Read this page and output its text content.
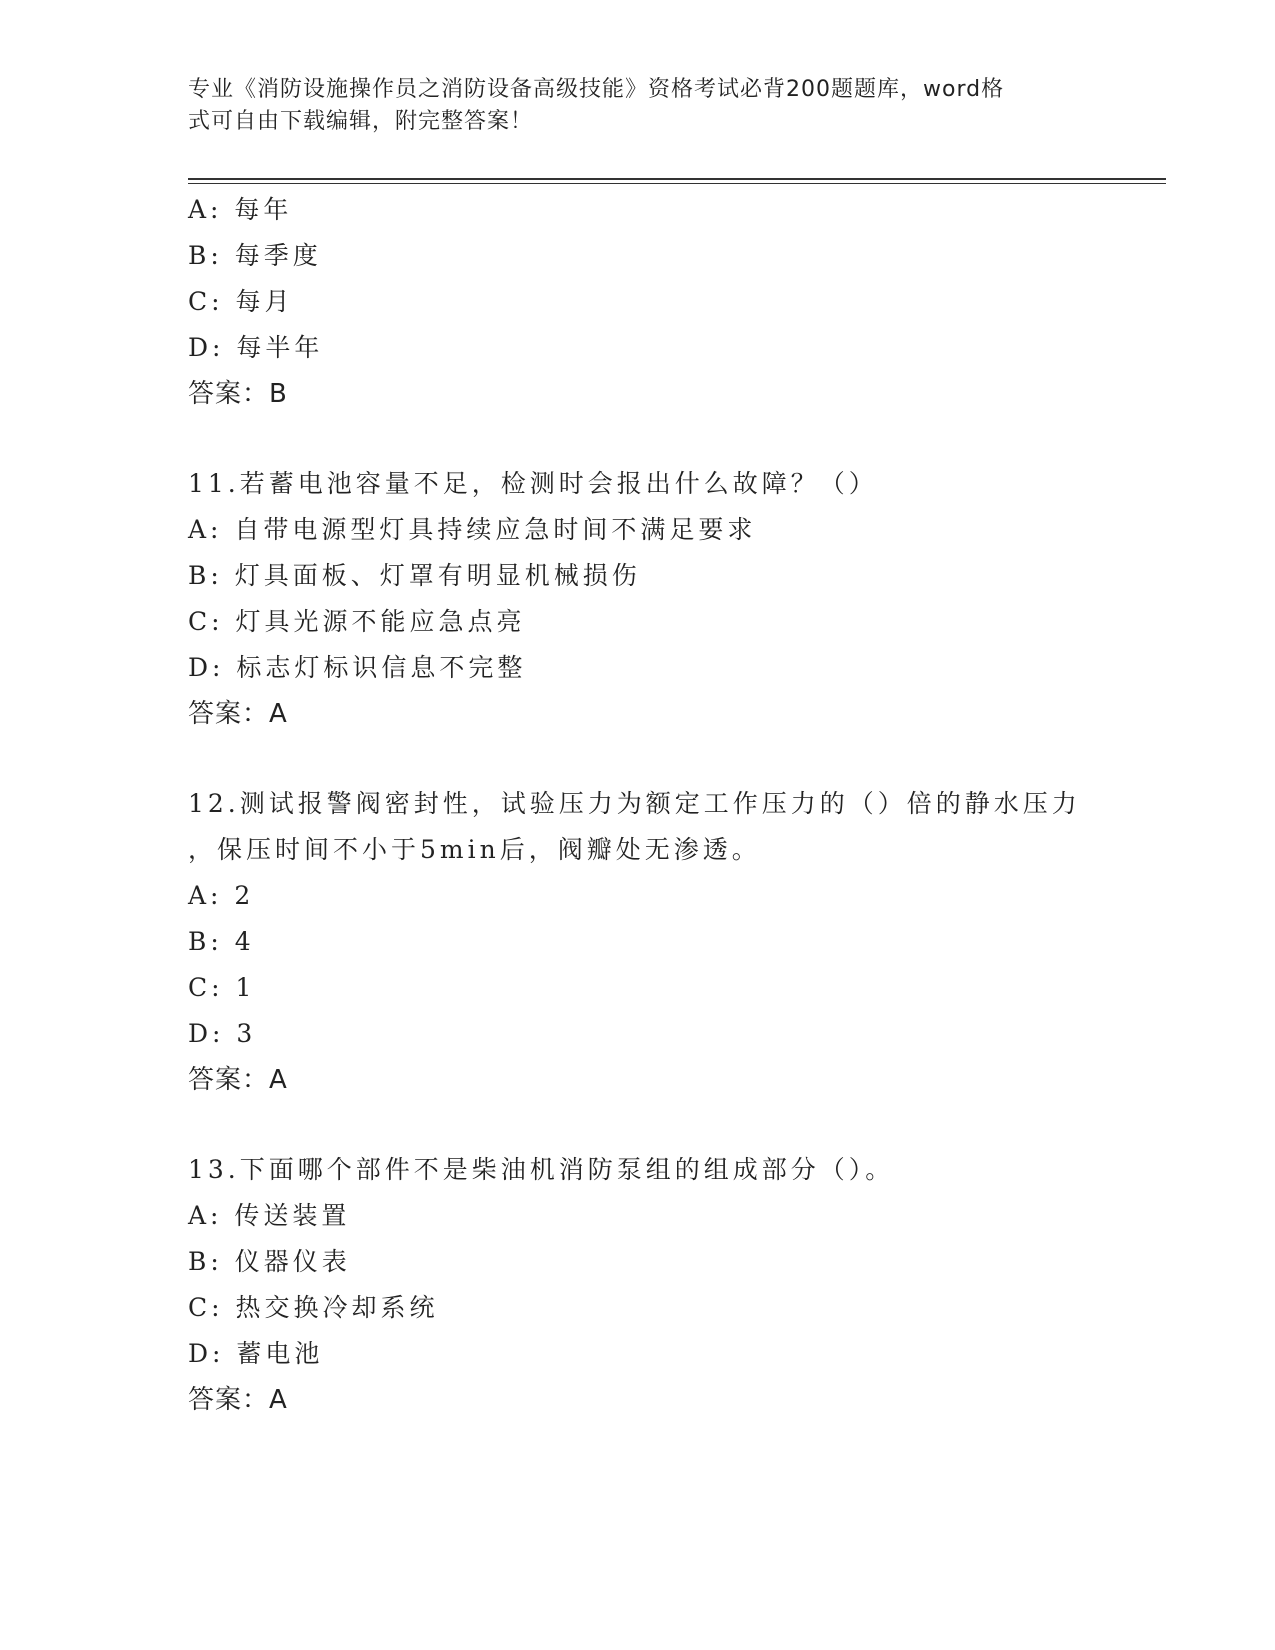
专业《消防设施操作员之消防设备高级技能》资格考试必背200题题库，word格
式可自由下载编辑，附完整答案！
A: 每年
B: 每季度
C: 每月
D: 每半年
答案：B
11.若蓄电池容量不足，检测时会报出什么故障？（）
A: 自带电源型灯具持续应急时间不满足要求
B: 灯具面板、灯罩有明显机械损伤
C: 灯具光源不能应急点亮
D: 标志灯标识信息不完整
答案：A
12.测试报警阀密封性，试验压力为额定工作压力的（）倍的静水压力
，保压时间不小于5min后，阀瓣处无渗透。
A: 2
B: 4
C: 1
D: 3
答案：A
13.下面哪个部件不是柴油机消防泵组的组成部分（）。
A: 传送装置
B: 仪器仪表
C: 热交换冷却系统
D: 蓄电池
答案：A
